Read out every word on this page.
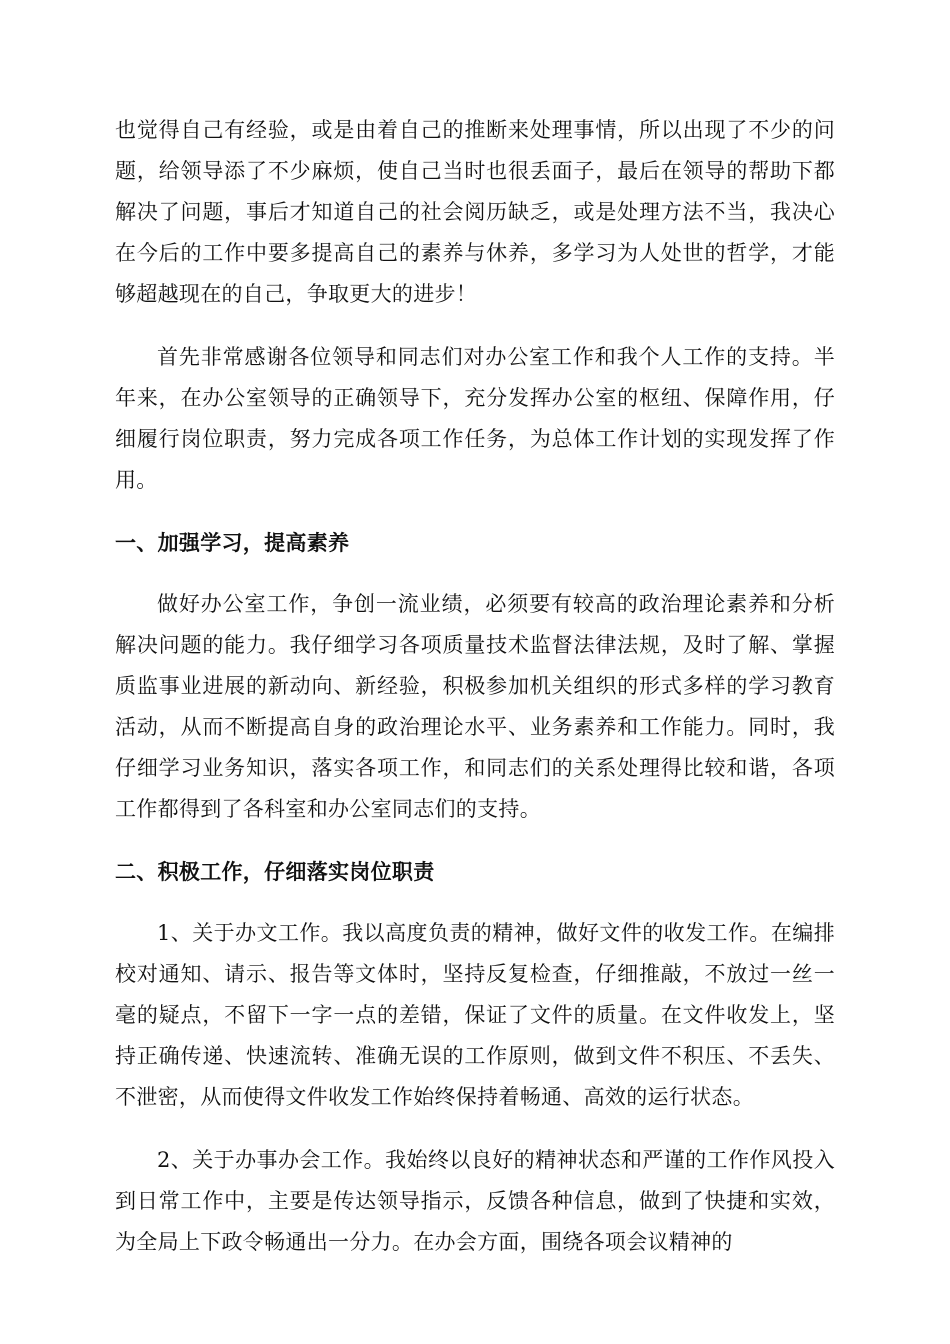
也觉得自己有经验，或是由着自己的推断来处理事情，所以出现了不少的问题，给领导添了不少麻烦，使自己当时也很丢面子，最后在领导的帮助下都解决了问题，事后才知道自己的社会阅历缺乏，或是处理方法不当，我决心在今后的工作中要多提高自己的素养与休养，多学习为人处世的哲学，才能够超越现在的自己，争取更大的进步！

首先非常感谢各位领导和同志们对办公室工作和我个人工作的支持。半年来，在办公室领导的正确领导下，充分发挥办公室的枢纽、保障作用，仔细履行岗位职责，努力完成各项工作任务，为总体工作计划的实现发挥了作用。

一、加强学习，提高素养

做好办公室工作，争创一流业绩，必须要有较高的政治理论素养和分析解决问题的能力。我仔细学习各项质量技术监督法律法规，及时了解、掌握质监事业进展的新动向、新经验，积极参加机关组织的形式多样的学习教育活动，从而不断提高自身的政治理论水平、业务素养和工作能力。同时，我仔细学习业务知识，落实各项工作，和同志们的关系处理得比较和谐，各项工作都得到了各科室和办公室同志们的支持。

二、积极工作，仔细落实岗位职责

1、关于办文工作。我以高度负责的精神，做好文件的收发工作。在编排校对通知、请示、报告等文体时，坚持反复检查，仔细推敲，不放过一丝一毫的疑点，不留下一字一点的差错，保证了文件的质量。在文件收发上，坚持正确传递、快速流转、准确无误的工作原则，做到文件不积压、不丢失、不泄密，从而使得文件收发工作始终保持着畅通、高效的运行状态。

2、关于办事办会工作。我始终以良好的精神状态和严谨的工作作风投入到日常工作中，主要是传达领导指示，反馈各种信息，做到了快捷和实效，为全局上下政令畅通出一分力。在办会方面，围绕各项会议精神的
